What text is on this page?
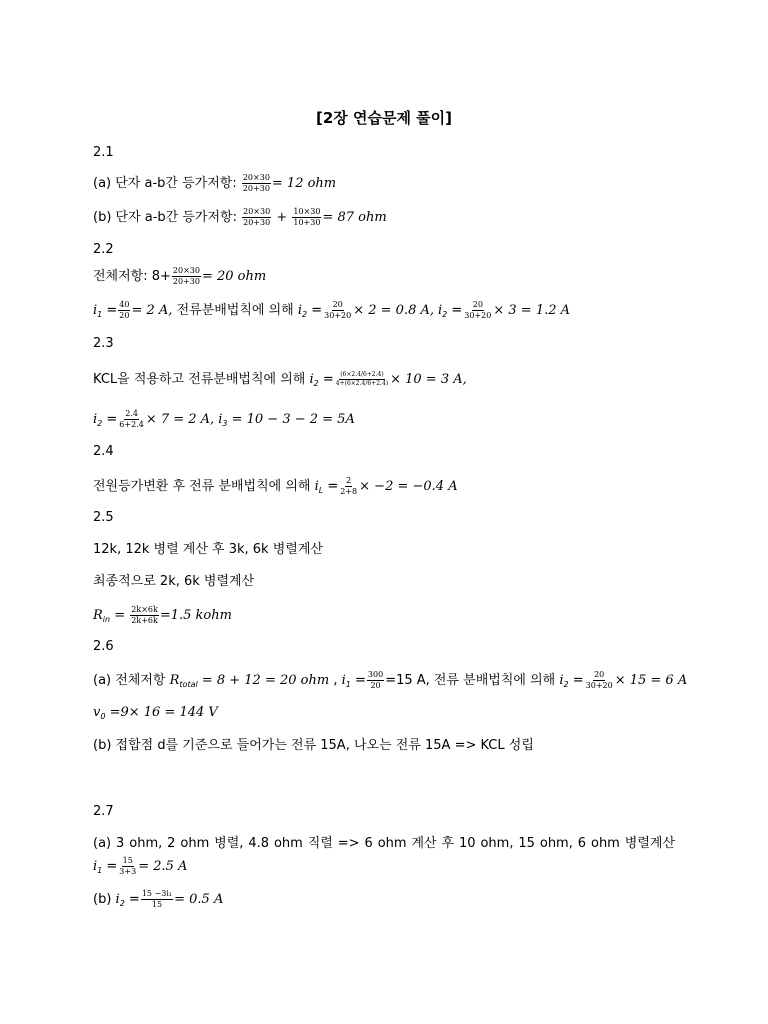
[2장 연습문제 풀이]
2.1
(a) 단자 a-b간 등가저항: $\frac{20\times 30}{20+30} = 12$ ohm
(b) 단자 a-b간 등가저항: $\frac{20\times 30}{20+30} + \frac{10\times 30}{10+30} = 87$ ohm
2.2
전체저항: $8+ \frac{20\times 30}{20+30} = 20$ ohm
$i_1 = \frac{40}{20} = 2$ A, 전류분배법칙에 의해 $i_2 = \frac{20}{30+20} \times 2 = 0.8$ A, $i_2 = \frac{20}{30+20} \times 3 = 1.2$ A
2.3
KCL을 적용하고 전류분배법칙에 의해 $i_2 = \frac{(6\times 2.4/6+2.4)}{4+(6\times 2.4/6+2.4)} \times 10 = 3$ A,
$i_2 = \frac{2.4}{6+2.4} \times 7 = 2$ A, $i_3 = 10 - 3 - 2 = 5A$
2.4
전원등가변환 후 전류 분배법칙에 의해 $i_L = \frac{2}{2+8} \times -2 = -0.4$ A
2.5
12k, 12k 병렬 계산 후 3k, 6k 병렬계산
최종적으로 2k, 6k 병렬계산
$R_{in} = \frac{2k\times 6k}{2k+6k} =1.5$ kohm
2.6
(a) 전체저항 $R_{total} = 8 + 12 = 20$ ohm , $i_1 = \frac{300}{20} =15$ A, 전류 분배법칙에 의해 $i_2 = \frac{20}{30+20} \times 15 = 6$ A
$v_0 =9\times 16 = 144$ V
(b) 접합점 d를 기준으로 들어가는 전류 15A, 나오는 전류 15A => KCL 성립
2.7
(a) 3 ohm, 2 ohm 병렬, 4.8 ohm 직렬 => 6 ohm 계산 후 10 ohm, 15 ohm, 6 ohm 병렬계산
$i_1 = \frac{15}{3+3} = 2.5$ A
(b) $i_2 = \frac{\text{15 −3i₁}}{15} = 0.5$ A
